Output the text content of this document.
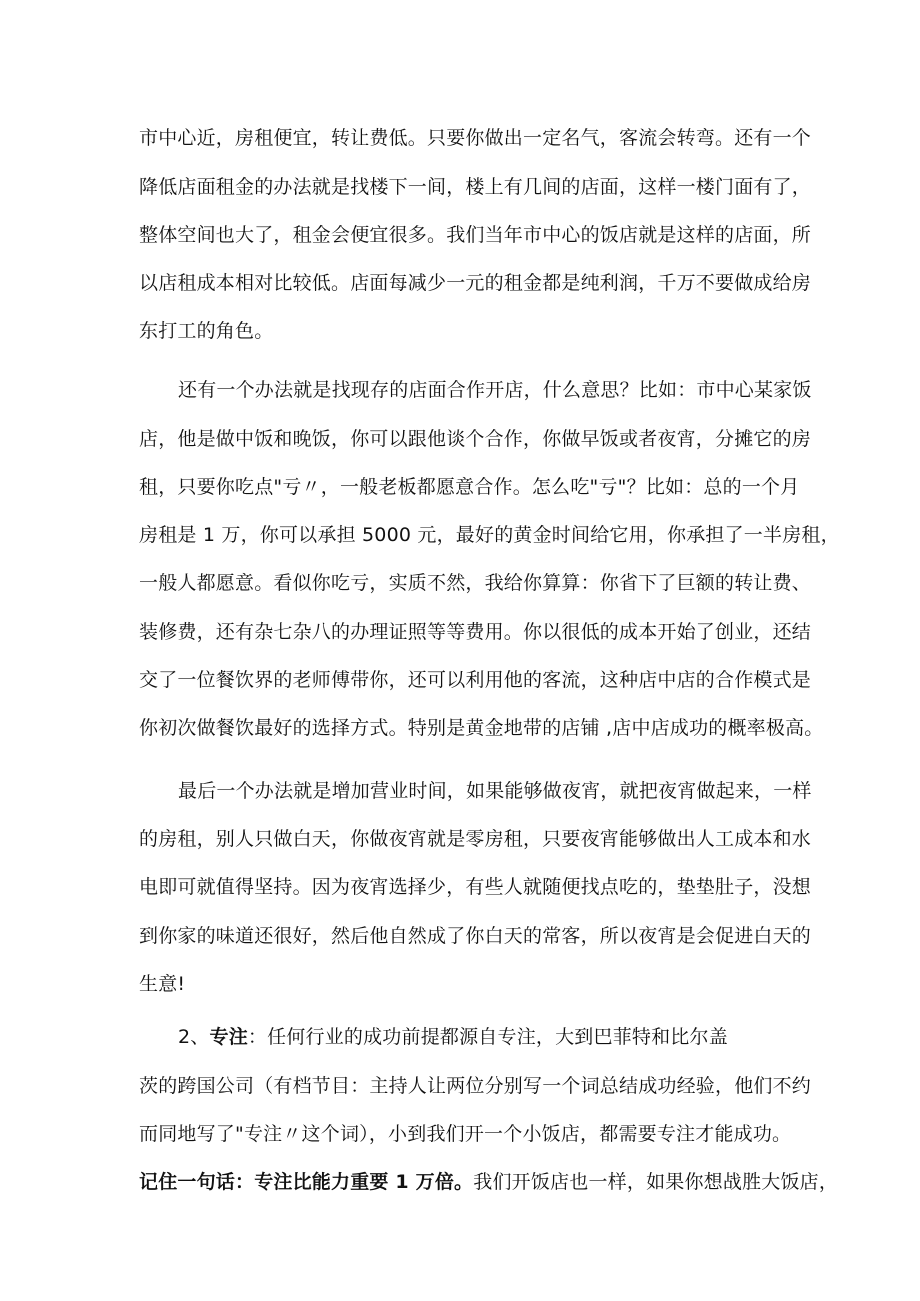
市中心近，房租便宜，转让费低。只要你做出一定名气，客流会转弯。还有一个
降低店面租金的办法就是找楼下一间，楼上有几间的店面，这样一楼门面有了，
整体空间也大了，租金会便宜很多。我们当年市中心的饭店就是这样的店面，所
以店租成本相对比较低。店面每减少一元的租金都是纯利润，千万不要做成给房
东打工的角色。
还有一个办法就是找现存的店面合作开店，什么意思？比如：市中心某家饭
店，他是做中饭和晚饭，你可以跟他谈个合作，你做早饭或者夜宵，分摊它的房
租，只要你吃点"亏〃，一般老板都愿意合作。怎么吃"亏"？比如：总的一个月
房租是 1 万，你可以承担 5000 元，最好的黄金时间给它用，你承担了一半房租，
一般人都愿意。看似你吃亏，实质不然，我给你算算：你省下了巨额的转让费、
装修费，还有杂七杂八的办理证照等等费用。你以很低的成本开始了创业，还结
交了一位餐饮界的老师傅带你，还可以利用他的客流，这种店中店的合作模式是
你初次做餐饮最好的选择方式。特别是黄金地带的店铺 ,店中店成功的概率极高。
最后一个办法就是增加营业时间，如果能够做夜宵，就把夜宵做起来，一样
的房租，别人只做白天，你做夜宵就是零房租，只要夜宵能够做出人工成本和水
电即可就值得坚持。因为夜宵选择少，有些人就随便找点吃的，垫垫肚子，没想
到你家的味道还很好，然后他自然成了你白天的常客，所以夜宵是会促进白天的
生意!
2、专注：任何行业的成功前提都源自专注，大到巴菲特和比尔盖
茨的跨国公司（有档节目：主持人让两位分别写一个词总结成功经验，他们不约
而同地写了"专注〃这个词），小到我们开一个小饭店，都需要专注才能成功。
记住一句话：专注比能力重要 1 万倍。我们开饭店也一样，如果你想战胜大饭店，
